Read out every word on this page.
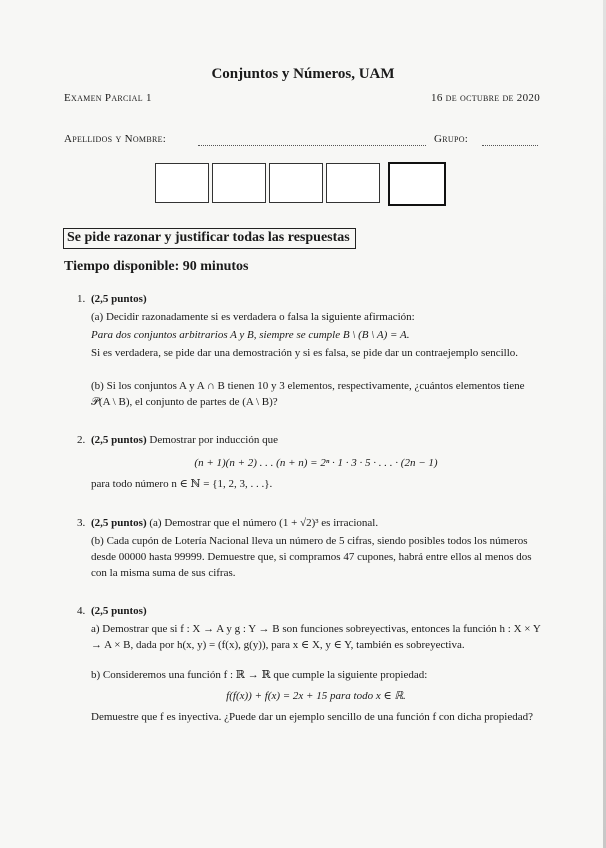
Conjuntos y Números, UAM
Examen Parcial 1	16 de octubre de 2020
Apellidos y Nombre:	Grupo:
Se pide razonar y justificar todas las respuestas
Tiempo disponible: 90 minutos
1. (2,5 puntos)
(a) Decidir razonadamente si es verdadera o falsa la siguiente afirmación:
Para dos conjuntos arbitrarios A y B, siempre se cumple B \ (B \ A) = A.
Si es verdadera, se pide dar una demostración y si es falsa, se pide dar un contraejemplo sencillo.
(b) Si los conjuntos A y A ∩ B tienen 10 y 3 elementos, respectivamente, ¿cuántos elementos tiene 𝒫(A \ B), el conjunto de partes de (A \ B)?
2. (2,5 puntos) Demostrar por inducción que
(n + 1)(n + 2) . . . (n + n) = 2ⁿ · 1 · 3 · 5 · . . . · (2n − 1)
para todo número n ∈ ℕ = {1, 2, 3, . . .}.
3. (2,5 puntos) (a) Demostrar que el número (1 + √2)³ es irracional.
(b) Cada cupón de Lotería Nacional lleva un número de 5 cifras, siendo posibles todos los números desde 00000 hasta 99999. Demuestre que, si compramos 47 cupones, habrá entre ellos al menos dos con la misma suma de sus cifras.
4. (2,5 puntos)
a) Demostrar que si f : X → A y g : Y → B son funciones sobreyectivas, entonces la función h : X × Y → A × B, dada por h(x, y) = (f(x), g(y)), para x ∈ X, y ∈ Y, también es sobreyectiva.
b) Consideremos una función f : ℝ → ℝ que cumple la siguiente propiedad:
f(f(x)) + f(x) = 2x + 15 para todo x ∈ ℝ.
Demuestre que f es inyectiva. ¿Puede dar un ejemplo sencillo de una función f con dicha propiedad?
